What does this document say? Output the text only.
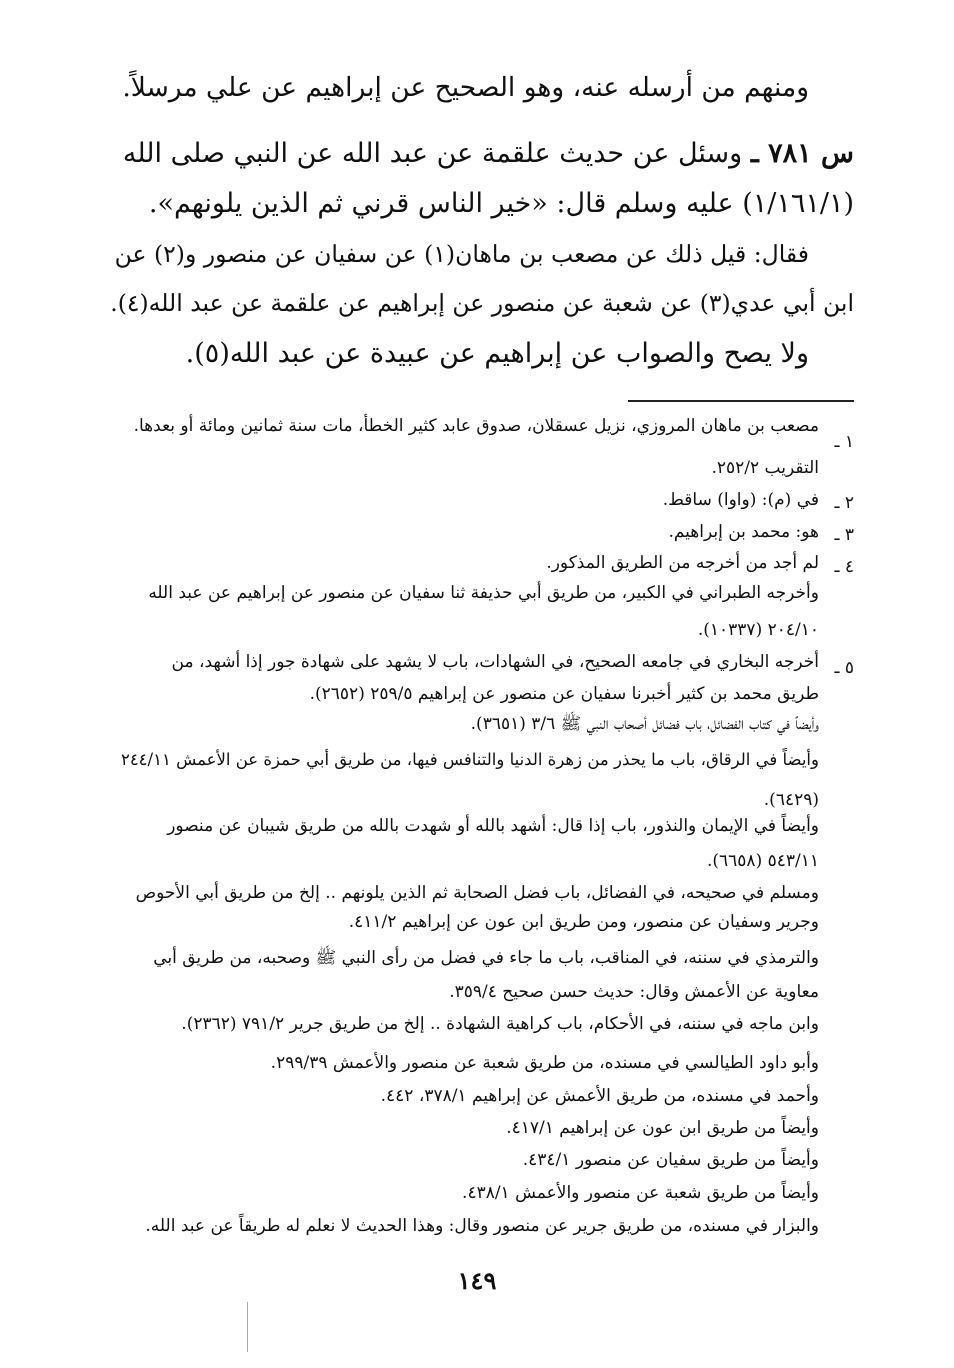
ومنهم من أرسله عنه، وهو الصحيح عن إبراهيم عن علي مرسلاً.
س ٧٨١ ـ وسئل عن حديث علقمة عن عبد الله عن النبي صلى الله
(١/١٦١/١) عليه وسلم قال: «خير الناس قرني ثم الذين يلونهم».
فقال: قيل ذلك عن مصعب بن ماهان(١) عن سفيان عن منصور و(٢) عن
ابن أبي عدي(٣) عن شعبة عن منصور عن إبراهيم عن علقمة عن عبد الله(٤).
ولا يصح والصواب عن إبراهيم عن عبيدة عن عبد الله(٥).
١ ـ
مصعب بن ماهان المروزي، نزيل عسقلان، صدوق عابد كثير الخطأ، مات سنة ثمانين ومائة أو بعدها.
التقريب ٢٥٢/٢.
٢ ـ
في (م): (واوا) ساقط.
٣ ـ
هو: محمد بن إبراهيم.
٤ ـ
لم أجد من أخرجه من الطريق المذكور.
وأخرجه الطبراني في الكبير، من طريق أبي حذيفة ثنا سفيان عن منصور عن إبراهيم عن عبد الله
٢٠٤/١٠ (١٠٣٣٧).
٥ ـ
أخرجه البخاري في جامعه الصحيح، في الشهادات، باب لا يشهد على شهادة جور إذا أشهد، من
طريق محمد بن كثير أخبرنا سفيان عن منصور عن إبراهيم ٢٥٩/٥ (٢٦٥٢).
وأيضاً في كتاب الفضائل، باب فضائل أصحاب النبي ﷺ ٣/٦ (٣٦٥١).
وأيضاً في الرقاق، باب ما يحذر من زهرة الدنيا والتنافس فيها، من طريق أبي حمزة عن الأعمش ٢٤٤/١١
(٦٤٢٩).
وأيضاً في الإيمان والنذور، باب إذا قال: أشهد بالله أو شهدت بالله من طريق شيبان عن منصور
٥٤٣/١١ (٦٦٥٨).
ومسلم في صحيحه، في الفضائل، باب فضل الصحابة ثم الذين يلونهم .. إلخ من طريق أبي الأحوص
وجرير وسفيان عن منصور، ومن طريق ابن عون عن إبراهيم ٤١١/٢.
والترمذي في سننه، في المناقب، باب ما جاء في فضل من رأى النبي ﷺ وصحبه، من طريق أبي
معاوية عن الأعمش وقال: حديث حسن صحيح ٣٥٩/٤.
وابن ماجه في سننه، في الأحكام، باب كراهية الشهادة .. إلخ من طريق جرير ٧٩١/٢ (٢٣٦٢).
وأبو داود الطيالسي في مسنده، من طريق شعبة عن منصور والأعمش ٢٩٩/٣٩.
وأحمد في مسنده، من طريق الأعمش عن إبراهيم ٣٧٨/١، ٤٤٢.
وأيضاً من طريق ابن عون عن إبراهيم ٤١٧/١.
وأيضاً من طريق سفيان عن منصور ٤٣٤/١.
وأيضاً من طريق شعبة عن منصور والأعمش ٤٣٨/١.
والبزار في مسنده، من طريق جرير عن منصور وقال: وهذا الحديث لا نعلم له طريقاً عن عبد الله.
١٤٩
